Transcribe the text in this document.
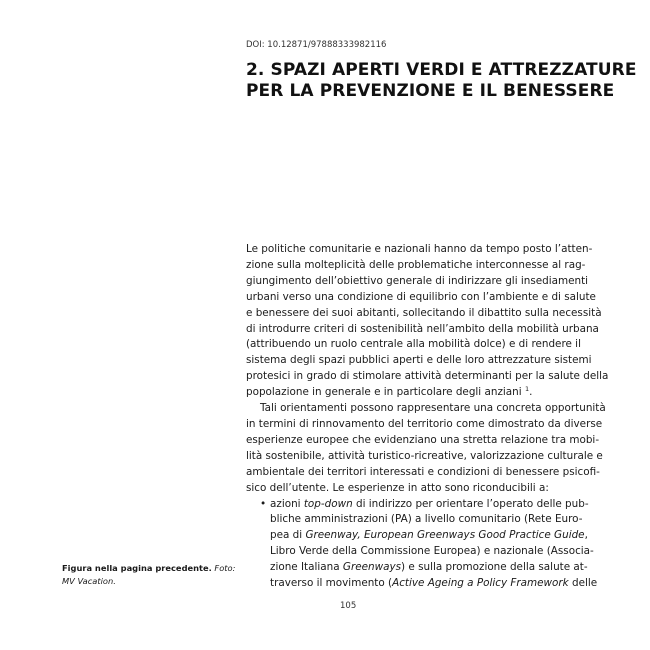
DOI: 10.12871/97888333982116
2. SPAZI APERTI VERDI E ATTREZZATURE
PER LA PREVENZIONE E IL BENESSERE

Le politiche comunitarie e nazionali hanno da tempo posto l’atten-
zione sulla molteplicità delle problematiche interconnesse al rag-
giungimento dell’obiettivo generale di indirizzare gli insediamenti
urbani verso una condizione di equilibrio con l’ambiente e di salute
e benessere dei suoi abitanti, sollecitando il dibattito sulla necessità
di introdurre criteri di sostenibilità nell’ambito della mobilità urbana
(attribuendo un ruolo centrale alla mobilità dolce) e di rendere il
sistema degli spazi pubblici aperti e delle loro attrezzature sistemi
protesici in grado di stimolare attività determinanti per la salute della
popolazione in generale e in particolare degli anziani $^1$.

Tali orientamenti possono rappresentare una concreta opportunità
in termini di rinnovamento del territorio come dimostrato da diverse
esperienze europee che evidenziano una stretta relazione tra mobi-
lità sostenibile, attività turistico-ricreative, valorizzazione culturale e
ambientale dei territori interessati e condizioni di benessere psicofi-
sico dell’utente. Le esperienze in atto sono riconducibili a:

• azioni top-down di indirizzo per orientare l’operato delle pub-
bliche amministrazioni (PA) a livello comunitario (Rete Euro-
pea di Greenway, European Greenways Good Practice Guide,
Libro Verde della Commissione Europea) e nazionale (Associa-
zione Italiana Greenways) e sulla promozione della salute at-
traverso il movimento (Active Ageing a Policy Framework delle
Figura nella pagina precedente. Foto:
MV Vacation.
105
